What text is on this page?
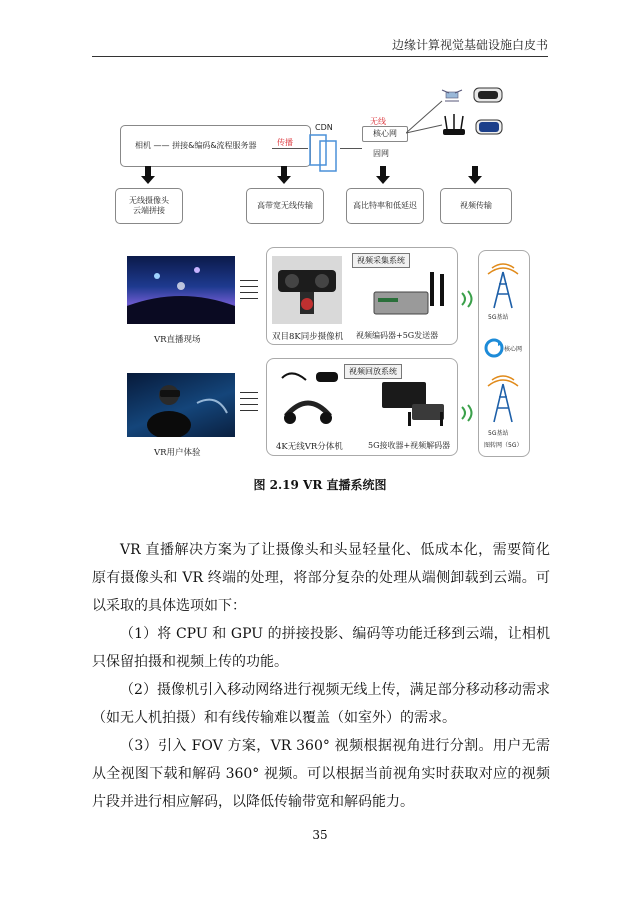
边缘计算视觉基础设施白皮书
相机 —— 拼接&编码&流程服务器	传播
CDN
无线
核心网
固网
无线摄像头
云端拼接
高带宽无线传输	高比特率和低延迟	视频传输
VR直播现场
VR用户体验
视频采集系统
双目8K同步摄像机 视频编码器+5G发送器
视频回放系统
4K无线VR分体机	5G接收器+视频解码器
5G基站
核心网
5G基站
图转网（5G）
图 2.19 VR 直播系统图

VR 直播解决方案为了让摄像头和头显轻量化、低成本化，需要简化原有摄像头和 VR 终端的处理，将部分复杂的处理从端侧卸载到云端。可以采取的具体选项如下：

（1）将 CPU 和 GPU 的拼接投影、编码等功能迁移到云端，让相机只保留拍摄和视频上传的功能。

（2）摄像机引入移动网络进行视频无线上传，满足部分移动移动需求（如无人机拍摄）和有线传输难以覆盖（如室外）的需求。

（3）引入 FOV 方案，VR 360° 视频根据视角进行分割。用户无需从全视图下载和解码 360° 视频。可以根据当前视角实时获取对应的视频片段并进行相应解码，以降低传输带宽和解码能力。

35
